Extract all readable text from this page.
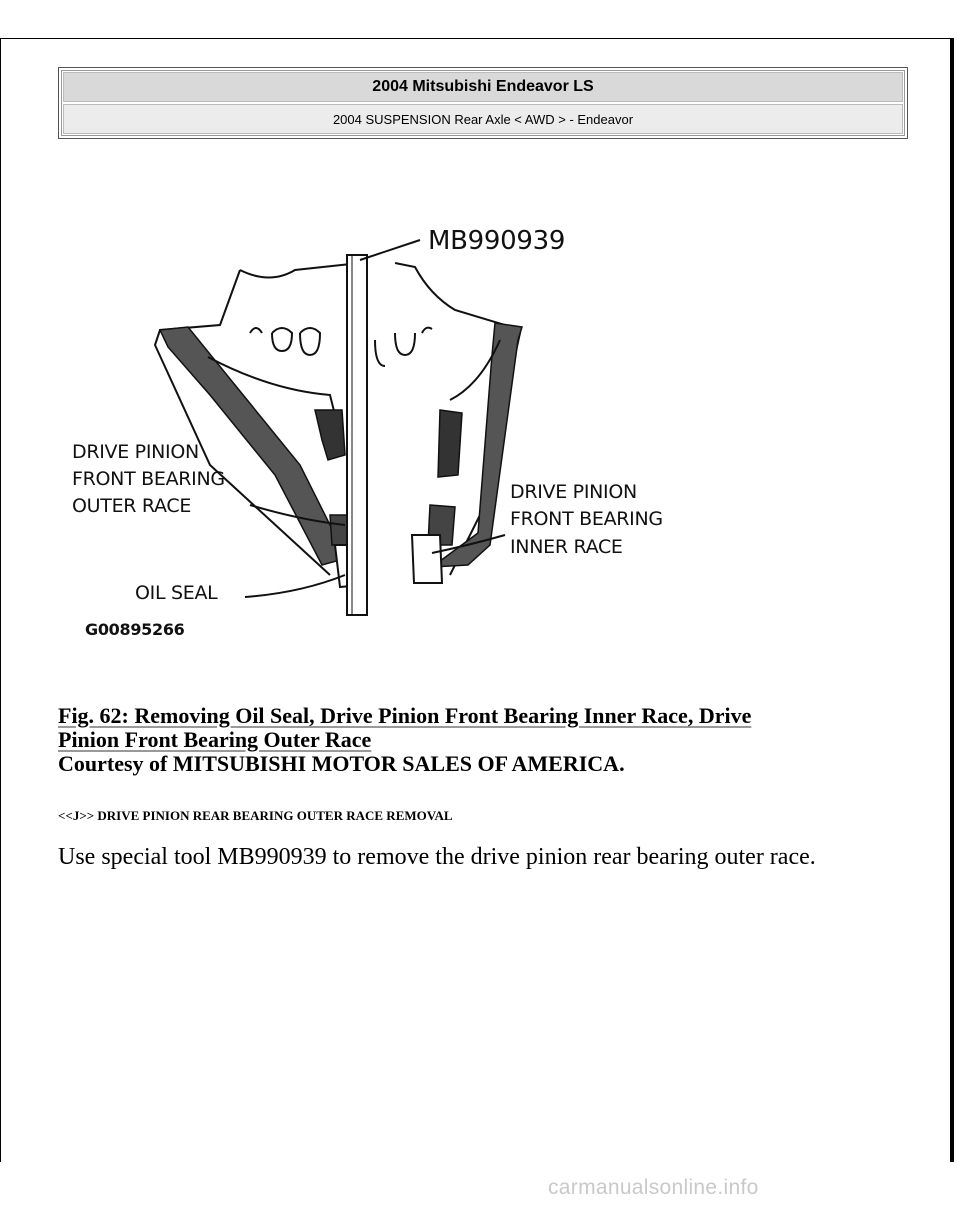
2004 Mitsubishi Endeavor LS
2004 SUSPENSION Rear Axle < AWD > - Endeavor
MB990939
DRIVE PINION
FRONT BEARING
OUTER RACE
DRIVE PINION
FRONT BEARING
INNER RACE
OIL SEAL
G00895266
Fig. 62: Removing Oil Seal, Drive Pinion Front Bearing Inner Race, Drive
Pinion Front Bearing Outer Race
Courtesy of MITSUBISHI MOTOR SALES OF AMERICA.
<<J>> DRIVE PINION REAR BEARING OUTER RACE REMOVAL
Use special tool MB990939 to remove the drive pinion rear bearing outer race.
carmanualsonline.info
